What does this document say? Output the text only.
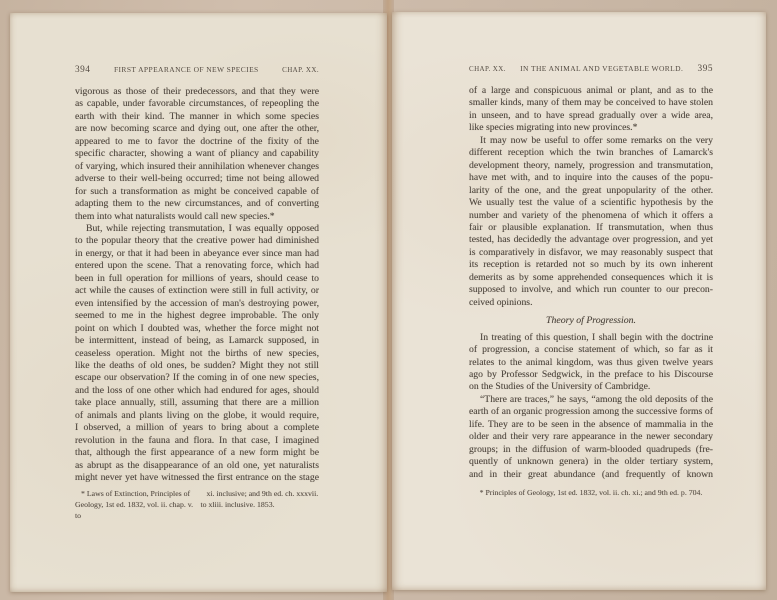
394	FIRST APPEARANCE OF NEW SPECIES	CHAP. XX.
vigorous as those of their predecessors, and that they were
as capable, under favorable circumstances, of repeopling the
earth with their kind. The manner in which some species
are now becoming scarce and dying out, one after the other,
appeared to me to favor the doctrine of the fixity of the
specific character, showing a want of pliancy and capability
of varying, which insured their annihilation whenever changes
adverse to their well-being occurred; time not being allowed
for such a transformation as might be conceived capable of
adapting them to the new circumstances, and of converting
them into what naturalists would call new species.*
But, while rejecting transmutation, I was equally opposed
to the popular theory that the creative power had diminished
in energy, or that it had been in abeyance ever since man had
entered upon the scene. That a renovating force, which had
been in full operation for millions of years, should cease to
act while the causes of extinction were still in full activity, or
even intensified by the accession of man's destroying power,
seemed to me in the highest degree improbable. The only
point on which I doubted was, whether the force might not
be intermittent, instead of being, as Lamarck supposed, in
ceaseless operation. Might not the births of new species,
like the deaths of old ones, be sudden? Might they not still
escape our observation? If the coming in of one new species,
and the loss of one other which had endured for ages, should
take place annually, still, assuming that there are a million
of animals and plants living on the globe, it would require,
I observed, a million of years to bring about a complete
revolution in the fauna and flora. In that case, I imagined
that, although the first appearance of a new form might be
as abrupt as the disappearance of an old one, yet naturalists
might never yet have witnessed the first entrance on the stage
* Laws of Extinction, Principles of
Geology, 1st ed. 1832, vol. ii. chap. v. to
xi. inclusive; and 9th ed. ch. xxxvii.
to xliii. inclusive. 1853.
CHAP. XX.	IN THE ANIMAL AND VEGETABLE WORLD.	395
of a large and conspicuous animal or plant, and as to the
smaller kinds, many of them may be conceived to have stolen
in unseen, and to have spread gradually over a wide area,
like species migrating into new provinces.*
It may now be useful to offer some remarks on the very
different reception which the twin branches of Lamarck's
development theory, namely, progression and transmutation,
have met with, and to inquire into the causes of the popu-
larity of the one, and the great unpopularity of the other.
We usually test the value of a scientific hypothesis by the
number and variety of the phenomena of which it offers a
fair or plausible explanation. If transmutation, when thus
tested, has decidedly the advantage over progression, and yet
is comparatively in disfavor, we may reasonably suspect that
its reception is retarded not so much by its own inherent
demerits as by some apprehended consequences which it is
supposed to involve, and which run counter to our precon-
ceived opinions.
Theory of Progression.
In treating of this question, I shall begin with the doctrine
of progression, a concise statement of which, so far as it
relates to the animal kingdom, was thus given twelve years
ago by Professor Sedgwick, in the preface to his Discourse
on the Studies of the University of Cambridge.
“There are traces,” he says, “among the old deposits of the
earth of an organic progression among the successive forms of
life. They are to be seen in the absence of mammalia in the
older and their very rare appearance in the newer secondary
groups; in the diffusion of warm-blooded quadrupeds (fre-
quently of unknown genera) in the older tertiary system,
and in their great abundance (and frequently of known
* Principles of Geology, 1st ed. 1832, vol. ii. ch. xi.; and 9th ed. p. 704.
